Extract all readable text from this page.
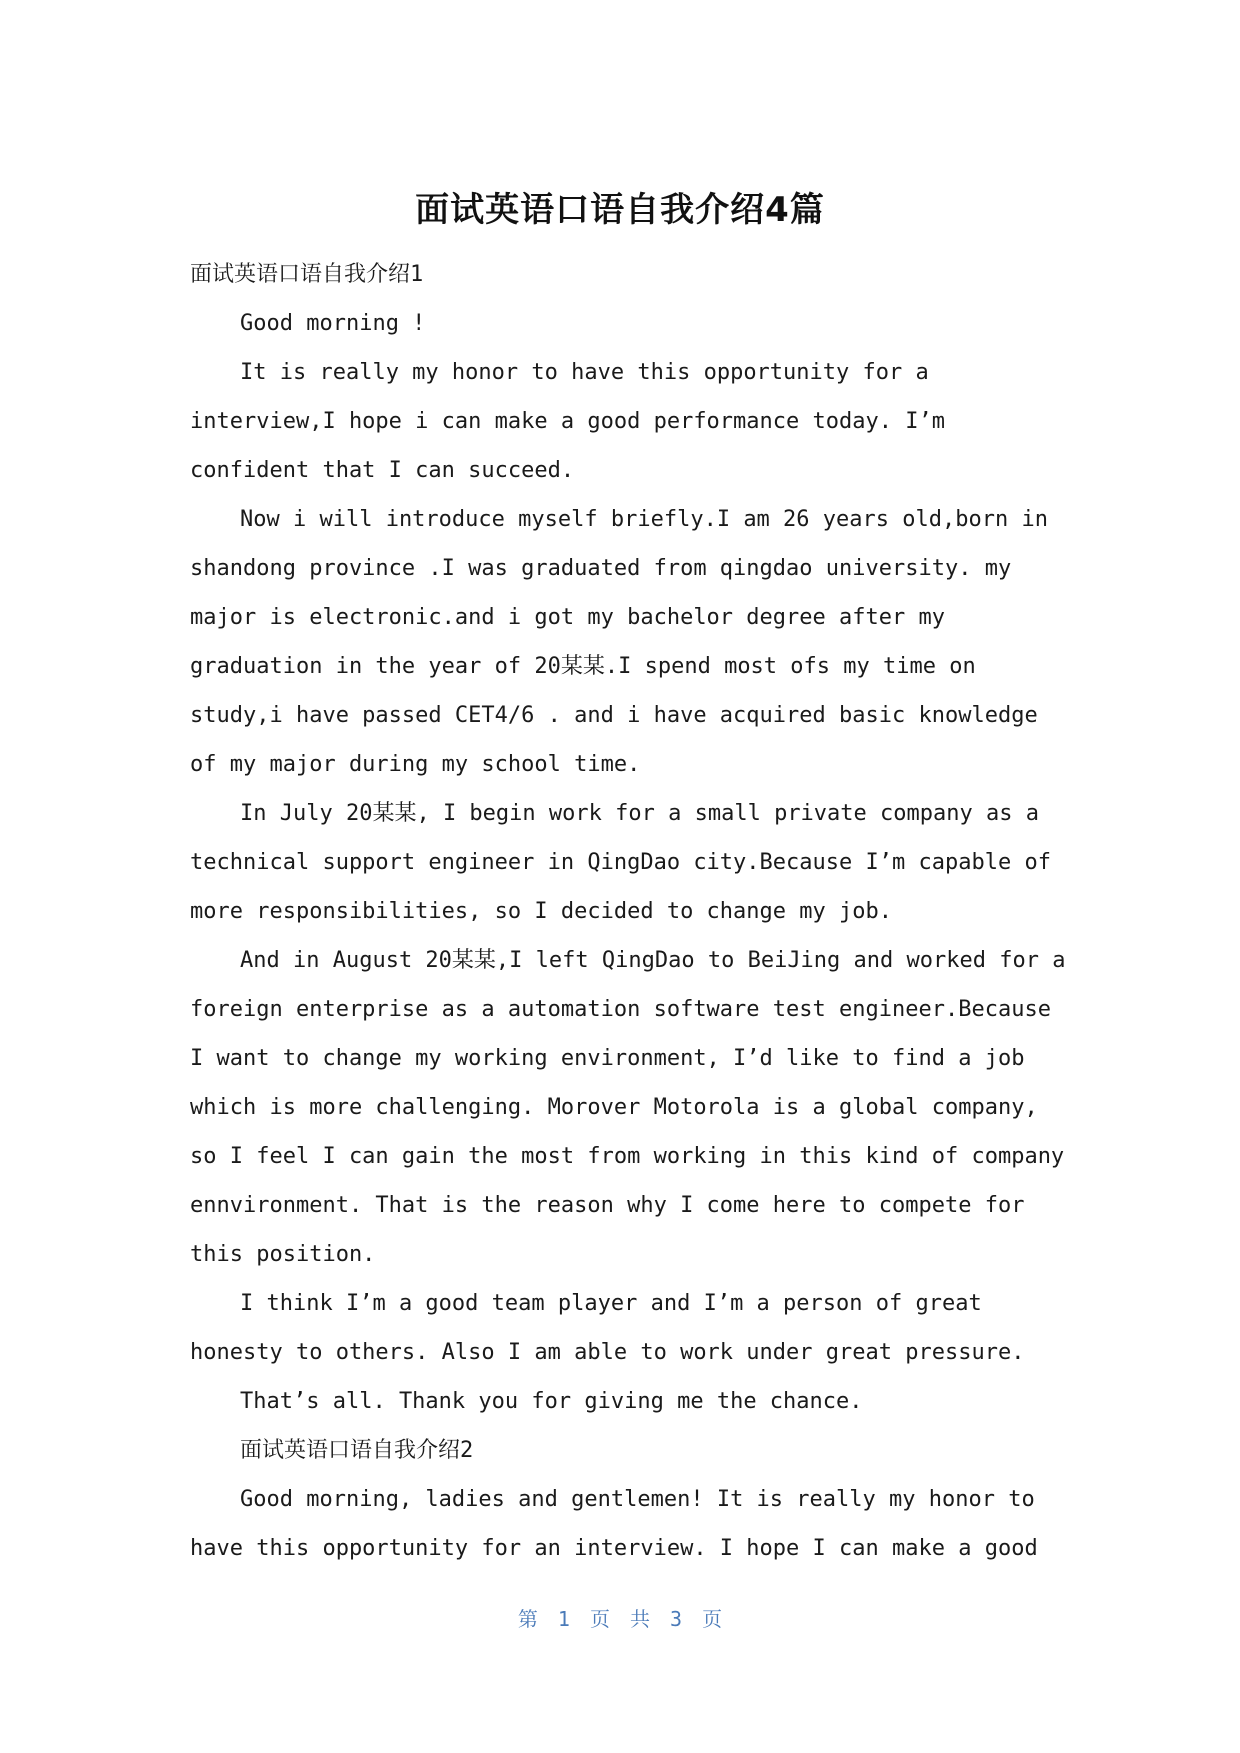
面试英语口语自我介绍4篇

面试英语口语自我介绍1

Good morning !

It is really my honor to have this opportunity for a interview,I hope i can make a good performance today. I’m confident that I can succeed.

Now i will introduce myself briefly.I am 26 years old,born in shandong province .I was graduated from qingdao university. my major is electronic.and i got my bachelor degree after my graduation in the year of 20某某.I spend most ofs my time on study,i have passed CET4/6 . and i have acquired basic knowledge of my major during my school time.

In July 20某某, I begin work for a small private company as a technical support engineer in QingDao city.Because I’m capable of more responsibilities, so I decided to change my job.

And in August 20某某,I left QingDao to BeiJing and worked for a foreign enterprise as a automation software test engineer.Because I want to change my working environment, I’d like to find a job which is more challenging. Morover Motorola is a global company, so I feel I can gain the most from working in this kind of company ennvironment. That is the reason why I come here to compete for this position.

I think I’m a good team player and I’m a person of great honesty to others. Also I am able to work under great pressure.

That’s all. Thank you for giving me the chance.

面试英语口语自我介绍2

Good morning, ladies and gentlemen! It is really my honor to have this opportunity for an interview. I hope I can make a good

第 1 页 共 3 页
